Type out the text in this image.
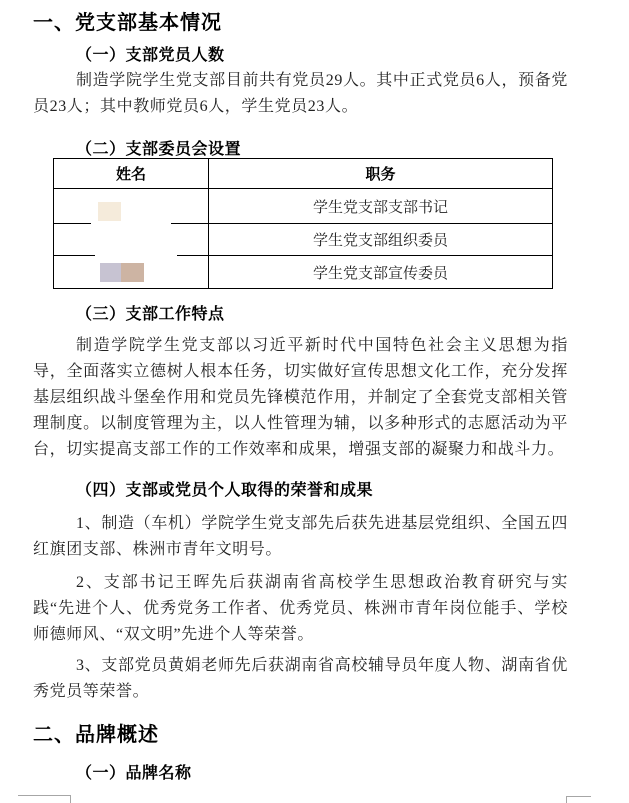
一、党支部基本情况
（一）支部党员人数
制造学院学生党支部目前共有党员29人。其中正式党员6人，预备党员23人；其中教师党员6人，学生党员23人。
（二）支部委员会设置
姓名	职务
	学生党支部支部书记
	学生党支部组织委员
	学生党支部宣传委员
（三）支部工作特点
制造学院学生党支部以习近平新时代中国特色社会主义思想为指导，全面落实立德树人根本任务，切实做好宣传思想文化工作，充分发挥基层组织战斗堡垒作用和党员先锋模范作用，并制定了全套党支部相关管理制度。以制度管理为主，以人性管理为辅，以多种形式的志愿活动为平台，切实提高支部工作的工作效率和成果，增强支部的凝聚力和战斗力。
（四）支部或党员个人取得的荣誉和成果
1、制造（车机）学院学生党支部先后获先进基层党组织、全国五四红旗团支部、株洲市青年文明号。
2、支部书记王晖先后获湖南省高校学生思想政治教育研究与实践“先进个人、优秀党务工作者、优秀党员、株洲市青年岗位能手、学校师德师风、“双文明”先进个人等荣誉。
3、支部党员黄娟老师先后获湖南省高校辅导员年度人物、湖南省优秀党员等荣誉。
二、品牌概述
（一）品牌名称
